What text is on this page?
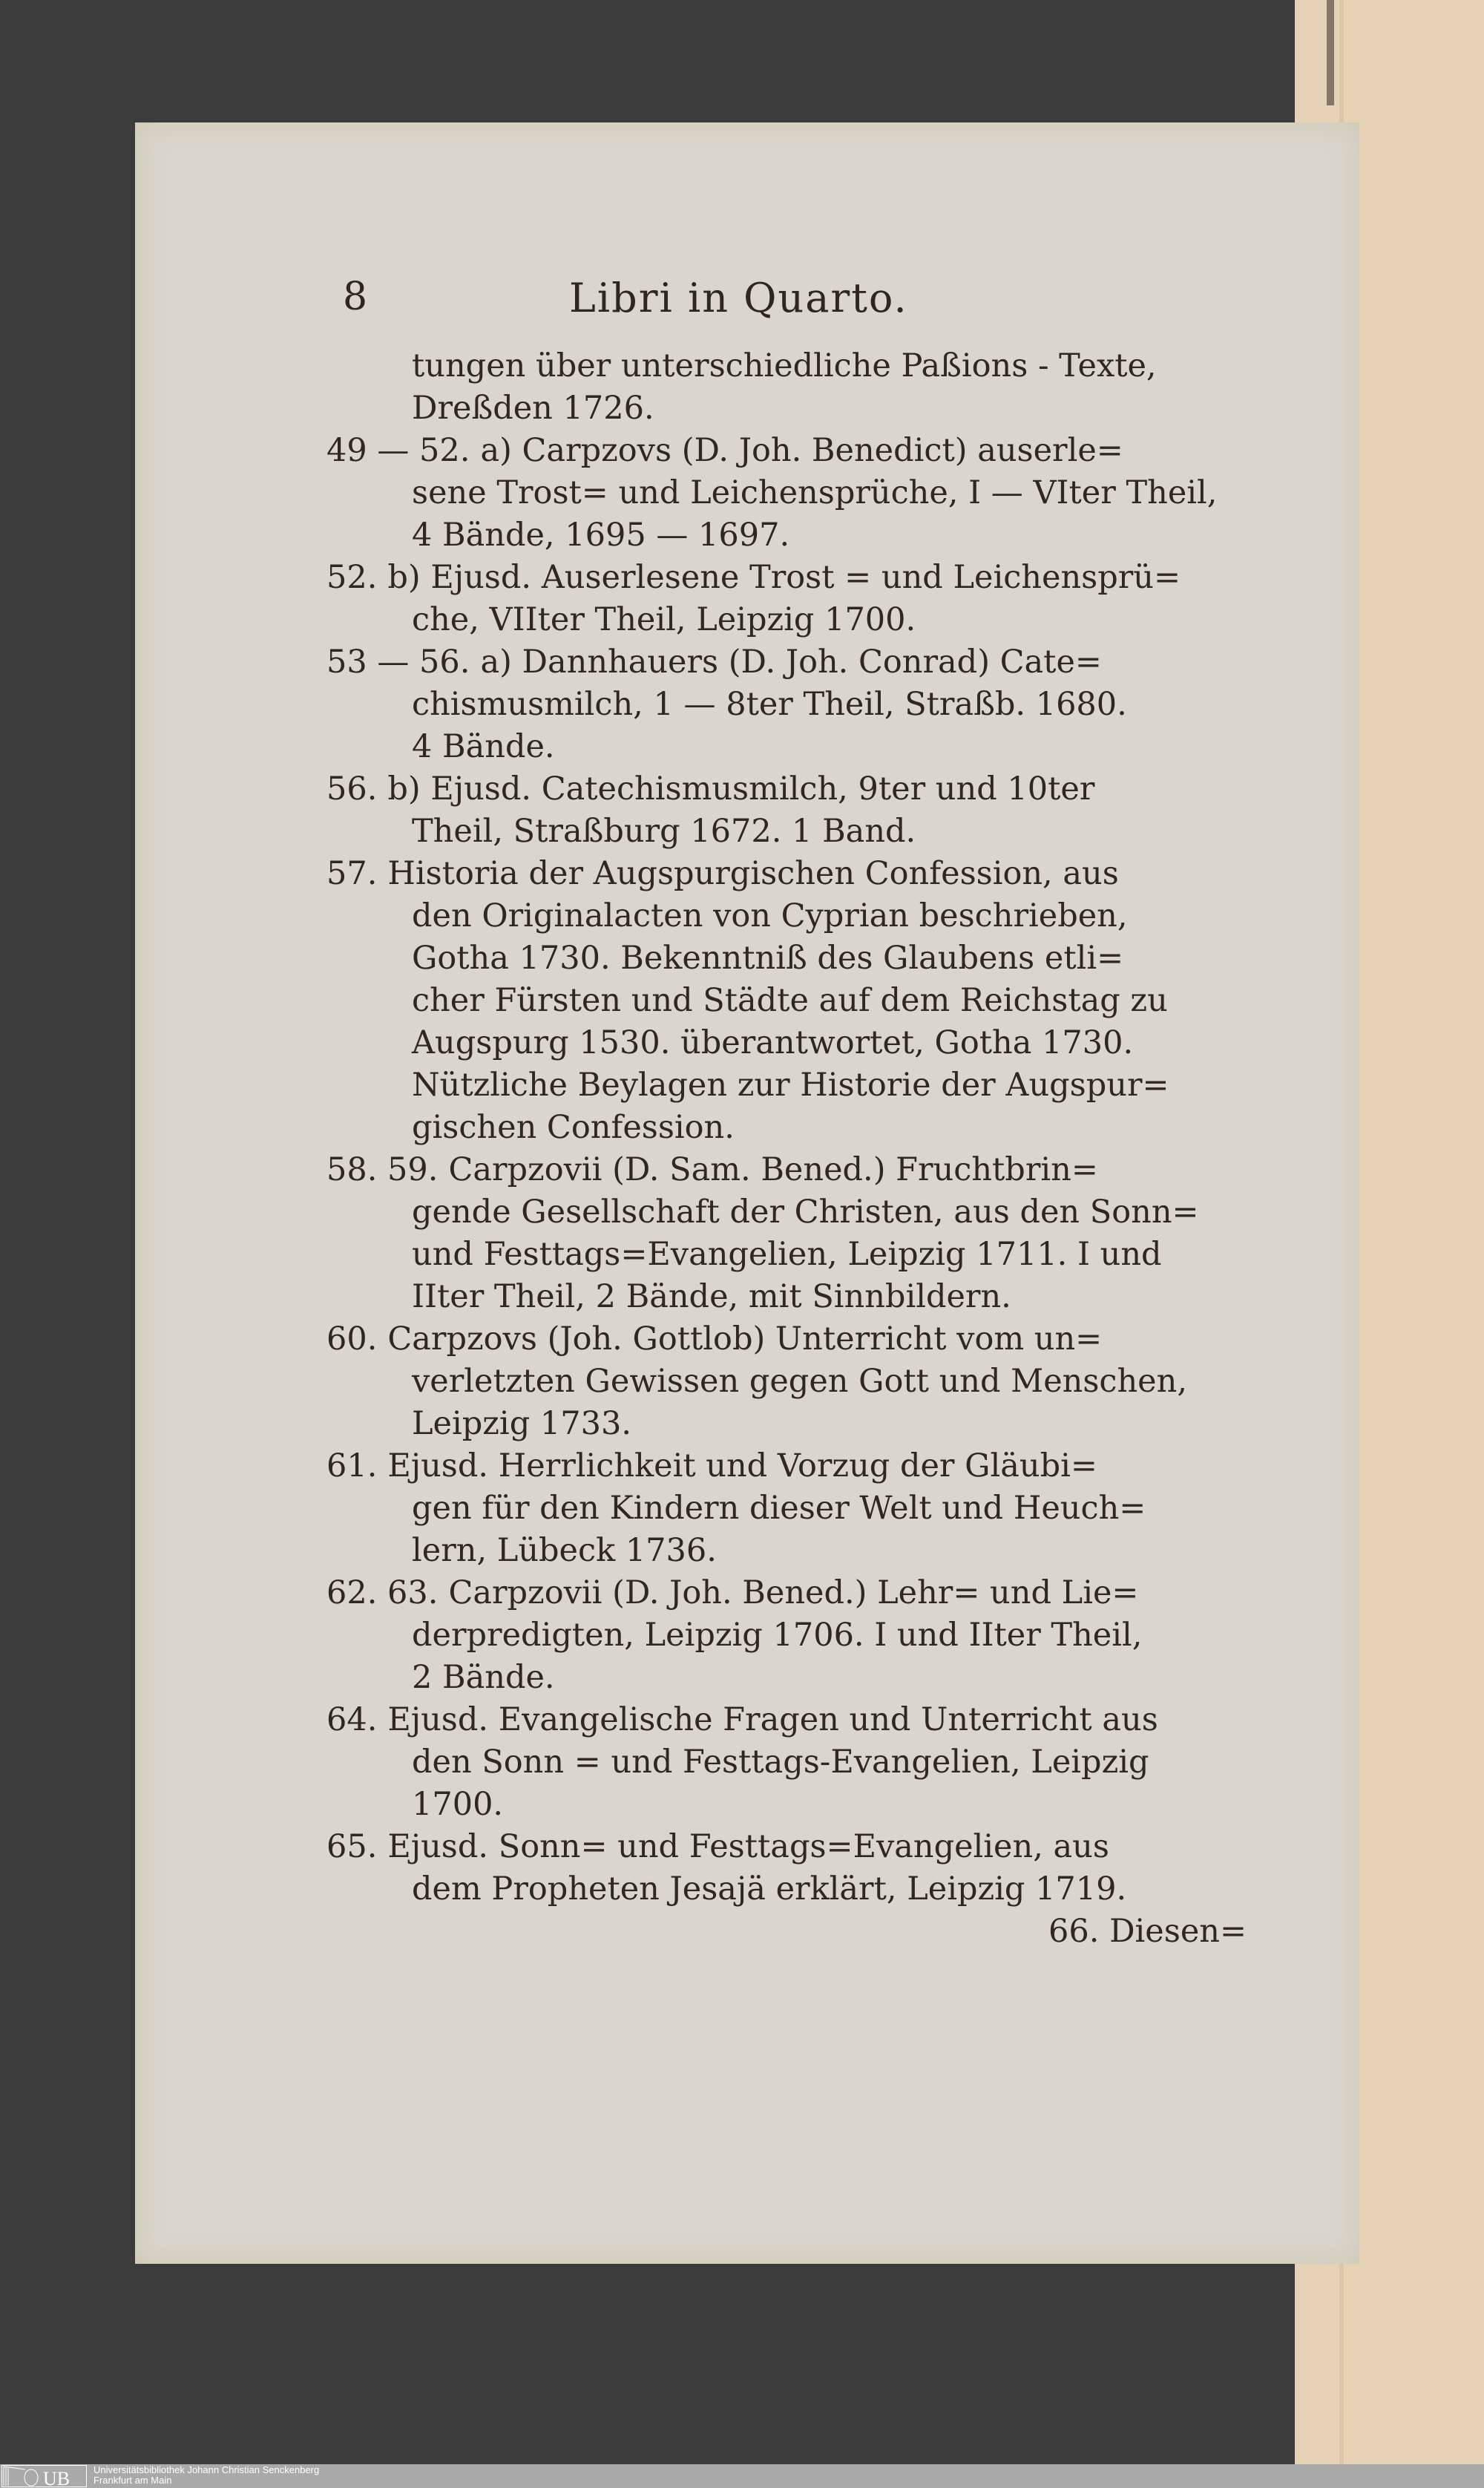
8	Libri in Quarto.
tungen über unterschiedliche Paßions - Texte,
Dreßden 1726.
49 — 52. a) Carpzovs (D. Joh. Benedict) auserle=
sene Trost= und Leichensprüche, I — VIter Theil,
4 Bände, 1695 — 1697.
52. b) Ejusd. Auserlesene Trost = und Leichensprü=
che, VIIter Theil, Leipzig 1700.
53 — 56. a) Dannhauers (D. Joh. Conrad) Cate=
chismusmilch, 1 — 8ter Theil, Straßb. 1680.
4 Bände.
56. b) Ejusd. Catechismusmilch, 9ter und 10ter
Theil, Straßburg 1672. 1 Band.
57. Historia der Augspurgischen Confession, aus
den Originalacten von Cyprian beschrieben,
Gotha 1730. Bekenntniß des Glaubens etli=
cher Fürsten und Städte auf dem Reichstag zu
Augspurg 1530. überantwortet, Gotha 1730.
Nützliche Beylagen zur Historie der Augspur=
gischen Confession.
58. 59. Carpzovii (D. Sam. Bened.) Fruchtbrin=
gende Gesellschaft der Christen, aus den Sonn=
und Festtags=Evangelien, Leipzig 1711. I und
IIter Theil, 2 Bände, mit Sinnbildern.
60. Carpzovs (Joh. Gottlob) Unterricht vom un=
verletzten Gewissen gegen Gott und Menschen,
Leipzig 1733.
61. Ejusd. Herrlichkeit und Vorzug der Gläubi=
gen für den Kindern dieser Welt und Heuch=
lern, Lübeck 1736.
62. 63. Carpzovii (D. Joh. Bened.) Lehr= und Lie=
derpredigten, Leipzig 1706. I und IIter Theil,
2 Bände.
64. Ejusd. Evangelische Fragen und Unterricht aus
den Sonn = und Festtags-Evangelien, Leipzig
1700.
65. Ejusd. Sonn= und Festtags=Evangelien, aus
dem Propheten Jesajä erklärt, Leipzig 1719.
66. Diesen=
UB Universitätsbibliothek Johann Christian Senckenberg
Frankfurt am Main
